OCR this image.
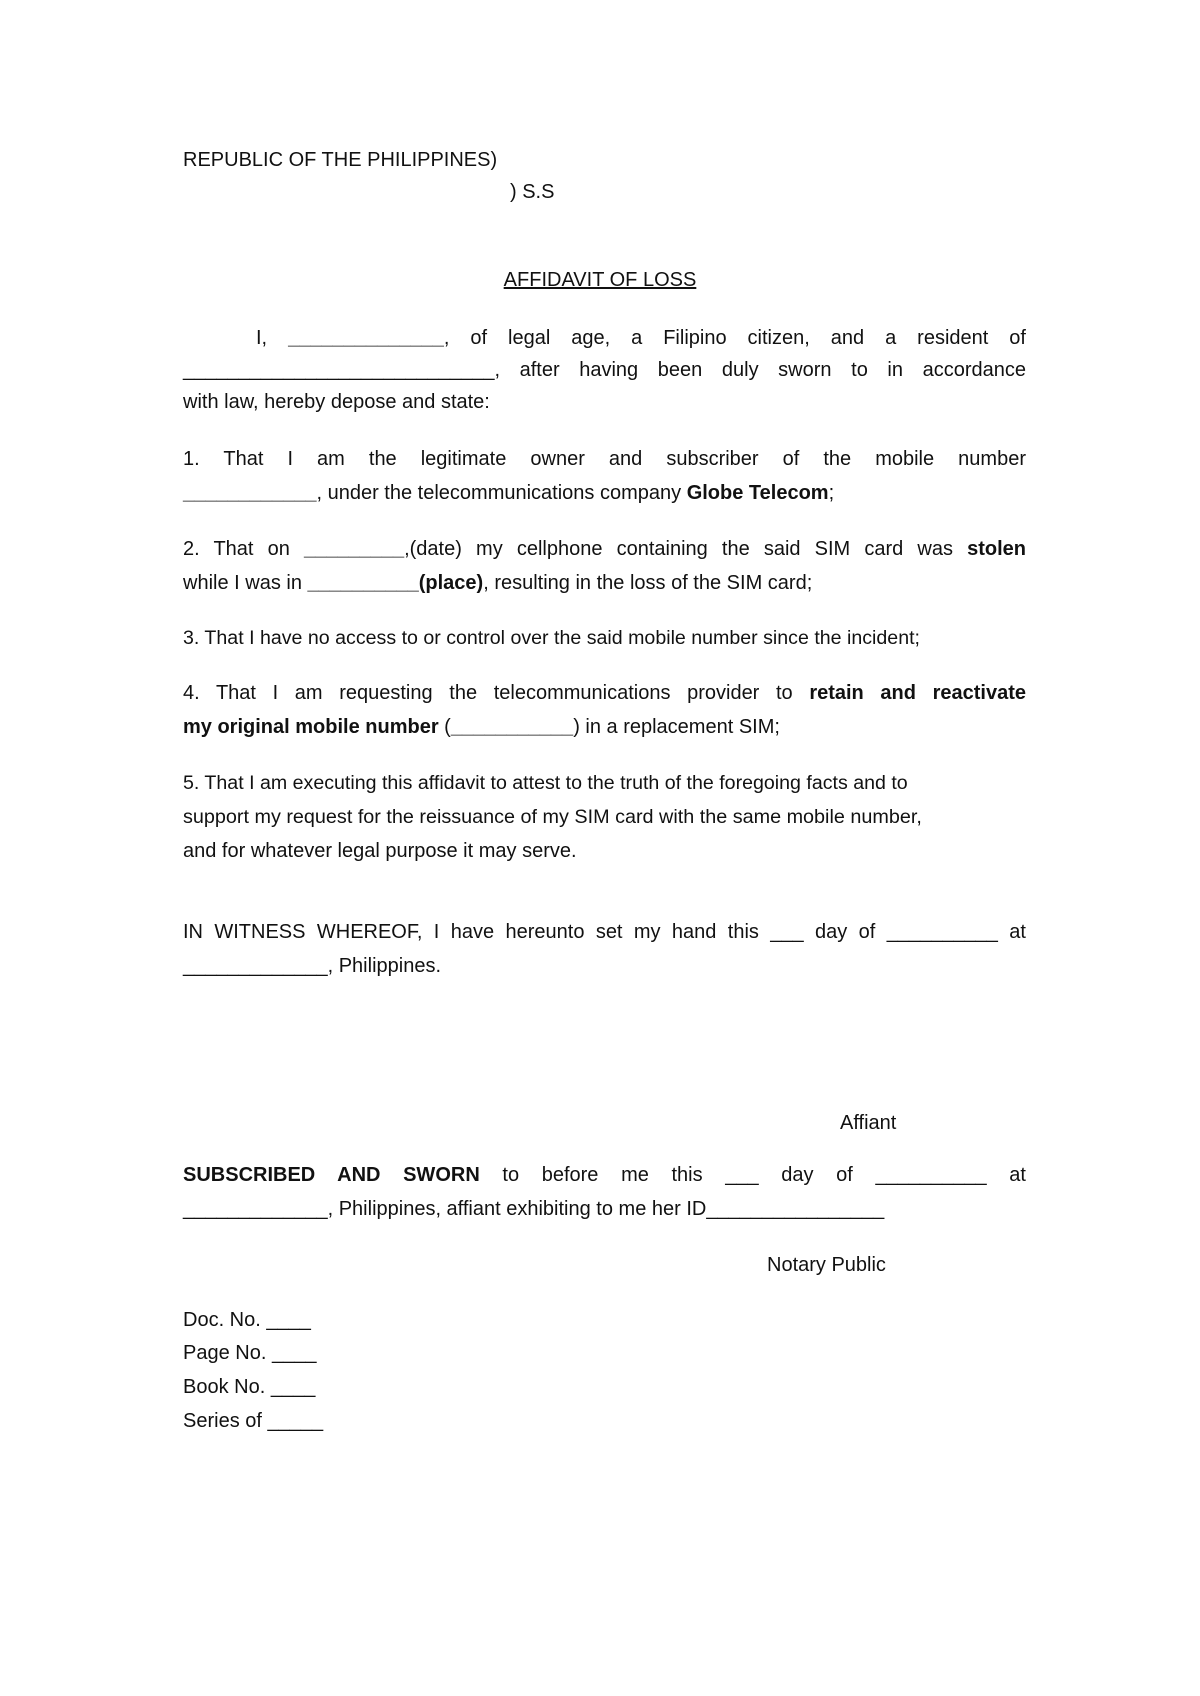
REPUBLIC OF THE PHILIPPINES)
) S.S
AFFIDAVIT OF LOSS
I, ______________, of legal age, a Filipino citizen, and a resident of
____________________________, after having been duly sworn to in accordance
with law, hereby depose and state:
1. That I am the legitimate owner and subscriber of the mobile number
____________, under the telecommunications company Globe Telecom;
2. That on _________,(date) my cellphone containing the said SIM card was stolen
while I was in __________(place), resulting in the loss of the SIM card;
3. That I have no access to or control over the said mobile number since the incident;
4. That I am requesting the telecommunications provider to retain and reactivate
my original mobile number (___________) in a replacement SIM;
5. That I am executing this affidavit to attest to the truth of the foregoing facts and to
support my request for the reissuance of my SIM card with the same mobile number,
and for whatever legal purpose it may serve.
IN WITNESS WHEREOF, I have hereunto set my hand this ___ day of __________ at
_____________, Philippines.
Affiant
SUBSCRIBED AND SWORN to before me this ___ day of __________ at
_____________, Philippines, affiant exhibiting to me her ID________________
Notary Public
Doc. No. ____
Page No. ____
Book No. ____
Series of _____
